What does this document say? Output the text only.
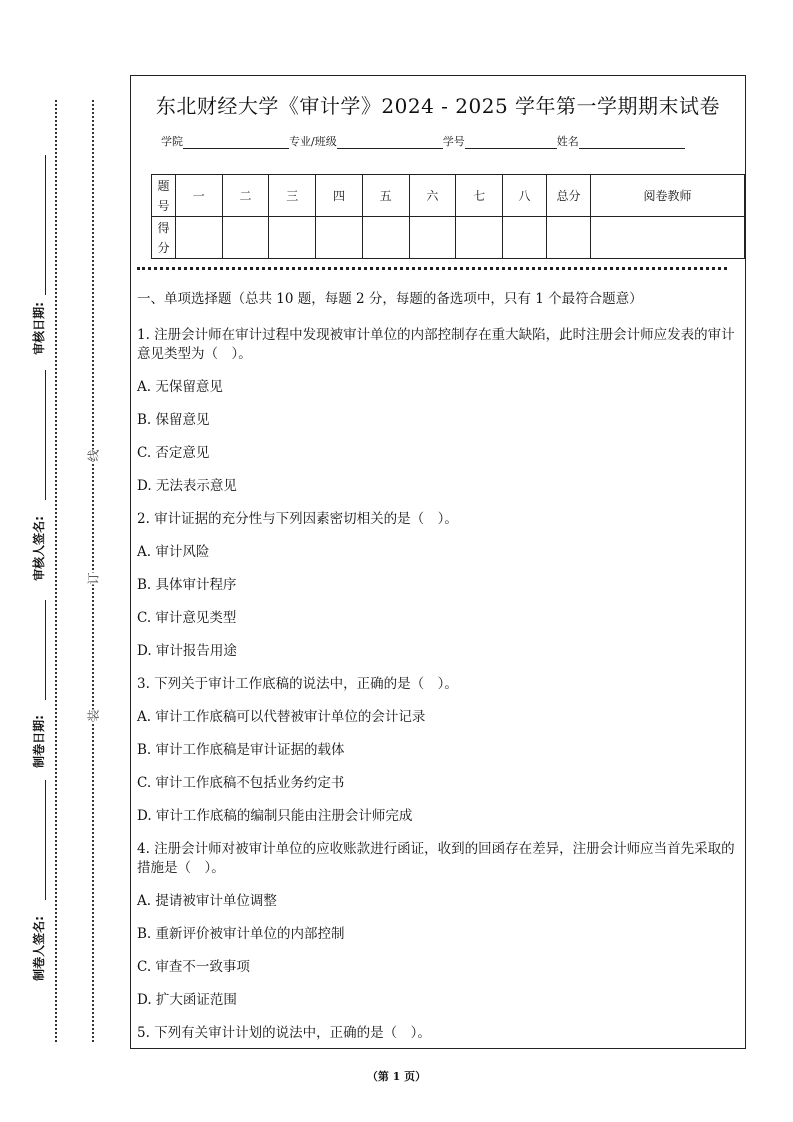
审核日期:
审核人签名:
制卷日期:
制卷人签名:
线
订
装
东北财经大学《审计学》2024 - 2025 学年第一学期期末试卷
学院	专业/班级	学号	姓名
题号	一	二	三	四	五	六	七	八	总分	阅卷教师
得分										
一、单项选择题（总共 10 题，每题 2 分，每题的备选项中，只有 1 个最符合题意）
1. 注册会计师在审计过程中发现被审计单位的内部控制存在重大缺陷，此时注册会计师应发表的审计意见类型为（　）。
A. 无保留意见
B. 保留意见
C. 否定意见
D. 无法表示意见
2. 审计证据的充分性与下列因素密切相关的是（　）。
A. 审计风险
B. 具体审计程序
C. 审计意见类型
D. 审计报告用途
3. 下列关于审计工作底稿的说法中，正确的是（　）。
A. 审计工作底稿可以代替被审计单位的会计记录
B. 审计工作底稿是审计证据的载体
C. 审计工作底稿不包括业务约定书
D. 审计工作底稿的编制只能由注册会计师完成
4. 注册会计师对被审计单位的应收账款进行函证，收到的回函存在差异，注册会计师应当首先采取的措施是（　）。
A. 提请被审计单位调整
B. 重新评价被审计单位的内部控制
C. 审查不一致事项
D. 扩大函证范围
5. 下列有关审计计划的说法中，正确的是（　）。
（第 1 页）
